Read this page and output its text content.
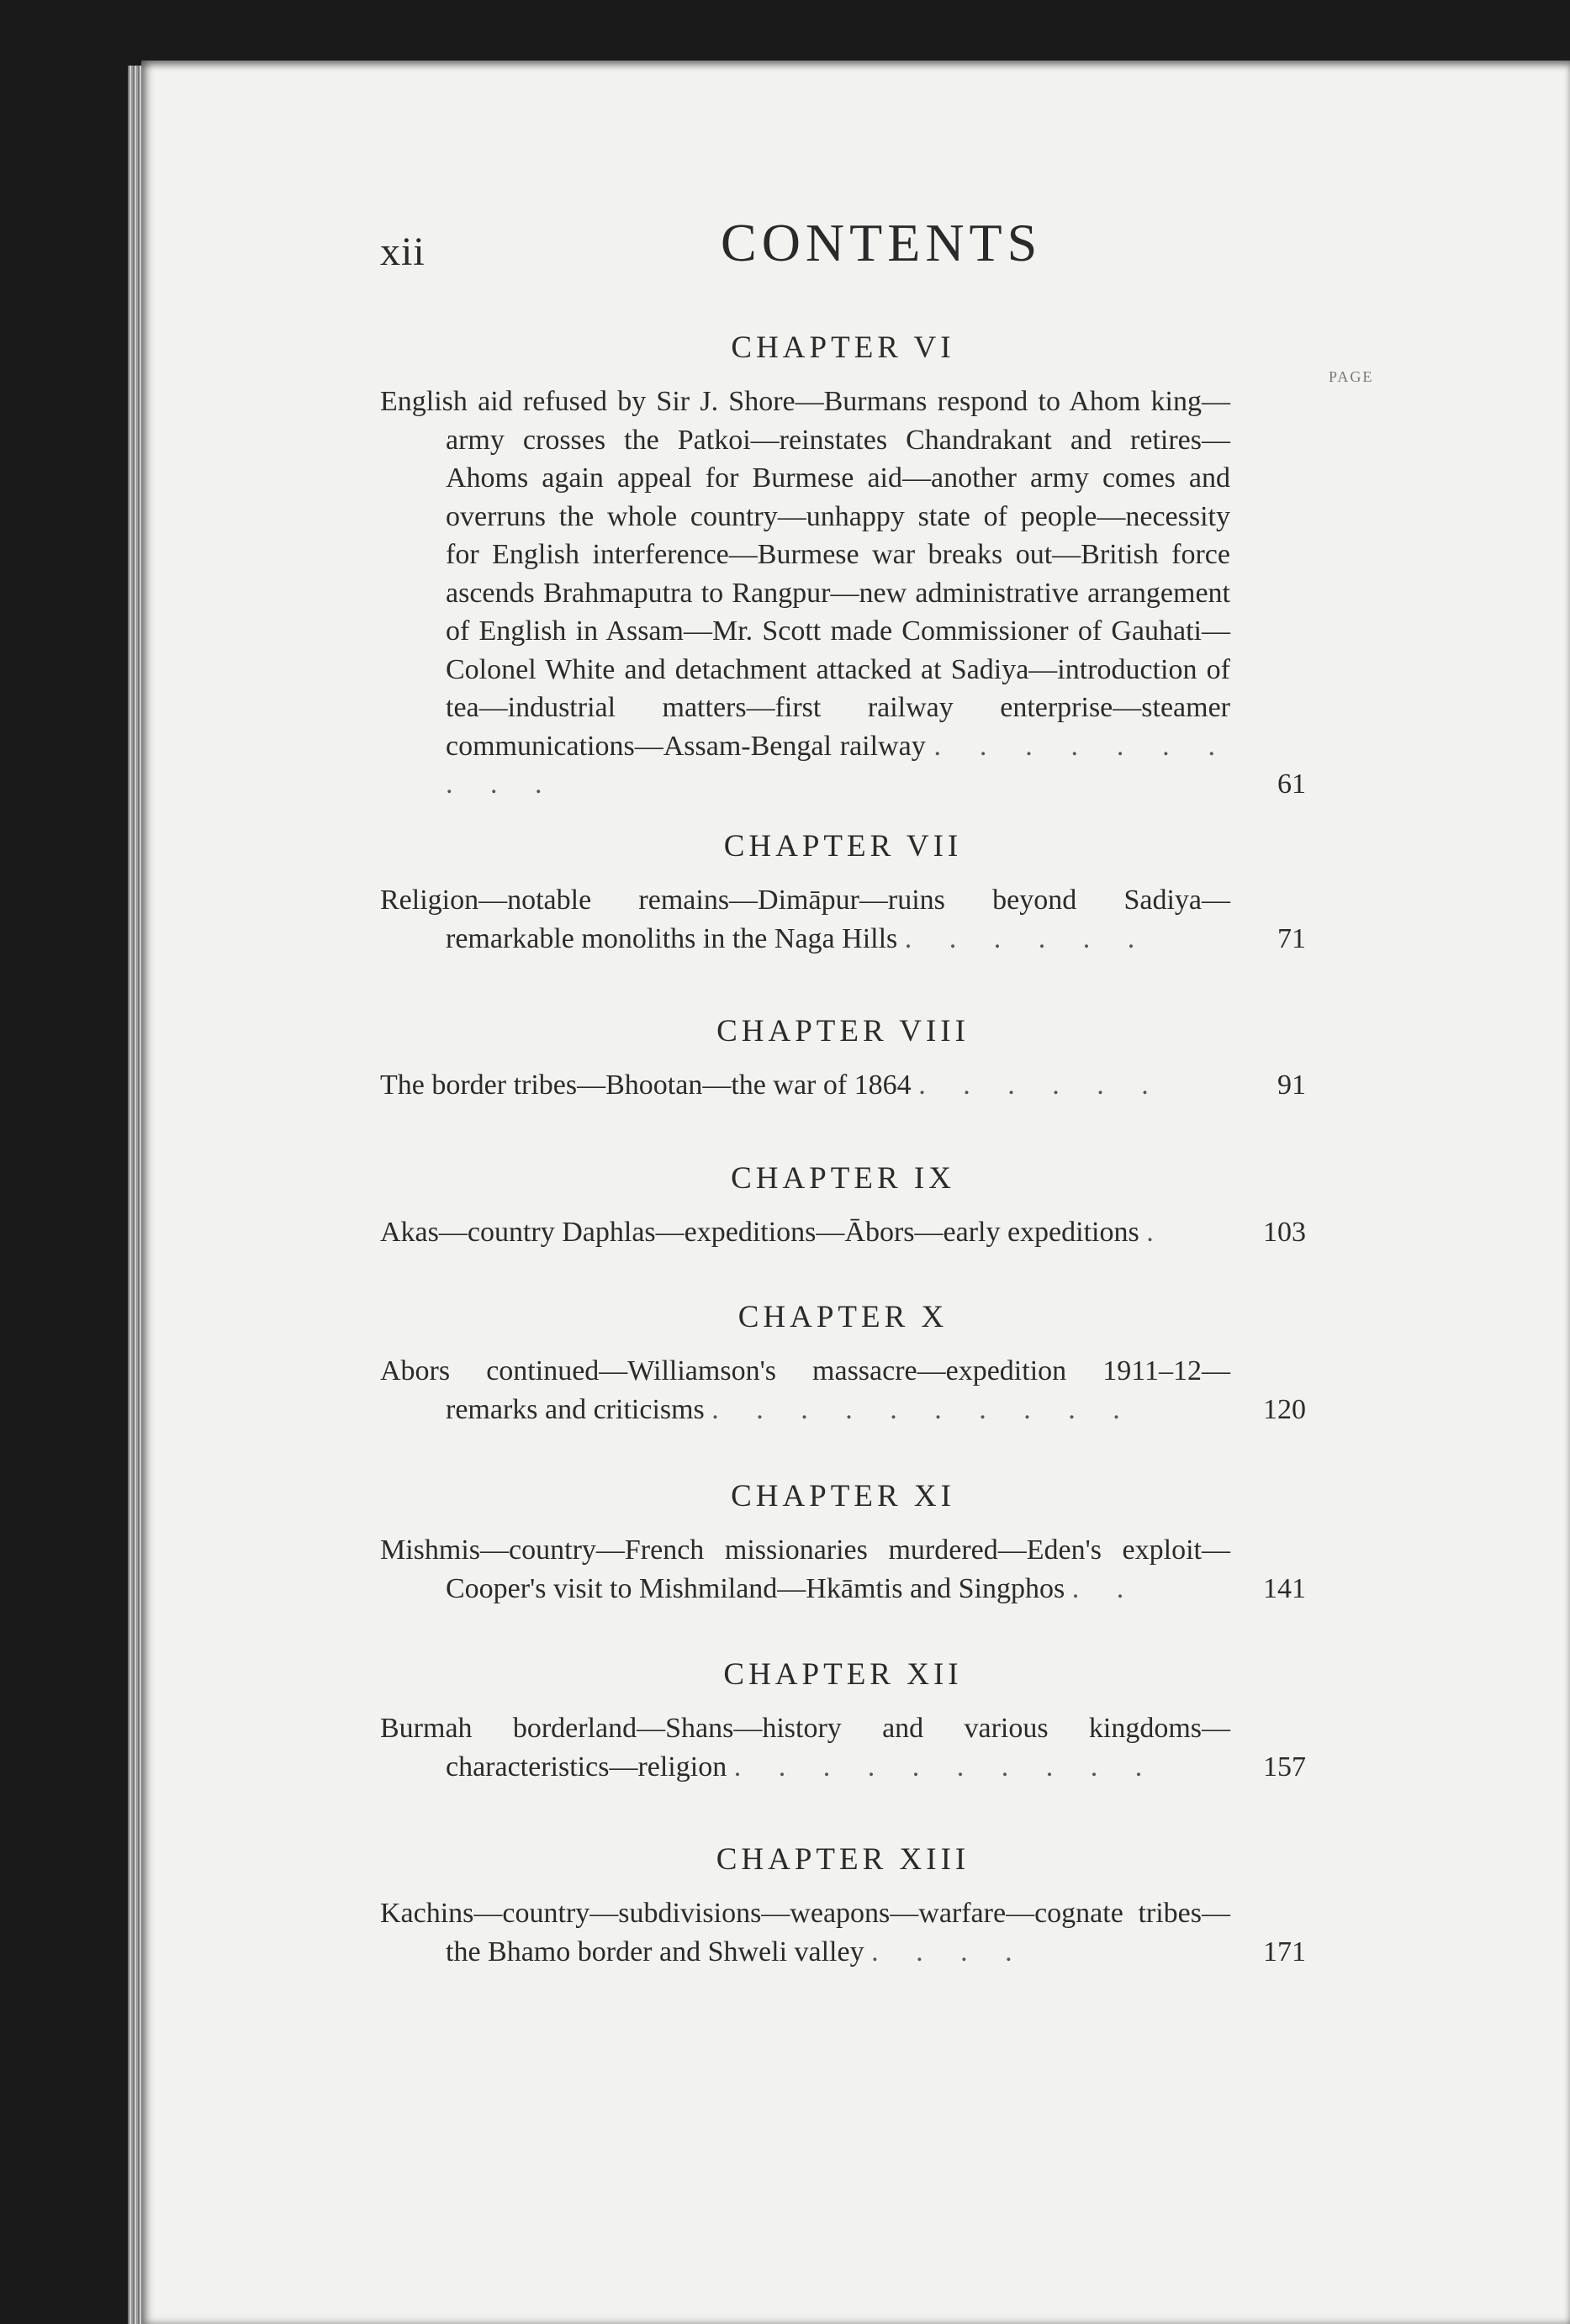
xii	CONTENTS
PAGE
CHAPTER VI
English aid refused by Sir J. Shore—Burmans respond to Ahom king—army crosses the Patkoi—reinstates Chandrakant and retires—Ahoms again appeal for Burmese aid—another army comes and overruns the whole country—unhappy state of people—necessity for English interference—Burmese war breaks out—British force ascends Brahmaputra to Rangpur—new administrative arrangement of English in Assam—Mr. Scott made Commissioner of Gauhati—Colonel White and detachment attacked at Sadiya—introduction of tea—industrial matters—first railway enterprise—steamer communications—Assam-Bengal railway . . . . . . . . . .	61
CHAPTER VII
Religion—notable remains—Dimāpur—ruins beyond Sadiya—remarkable monoliths in the Naga Hills . . . . . .	71
CHAPTER VIII
The border tribes—Bhootan—the war of 1864 . . . . . .	91
CHAPTER IX
Akas—country Daphlas—expeditions—Ābors—early expeditions .	103
CHAPTER X
Abors continued—Williamson's massacre—expedition 1911–12—remarks and criticisms . . . . . . . . . .	120
CHAPTER XI
Mishmis—country—French missionaries murdered—Eden's exploit—Cooper's visit to Mishmiland—Hkāmtis and Singphos . .	141
CHAPTER XII
Burmah borderland—Shans—history and various kingdoms—characteristics—religion . . . . . . . . . .	157
CHAPTER XIII
Kachins—country—subdivisions—weapons—warfare—cognate tribes—the Bhamo border and Shweli valley . . . .	171
